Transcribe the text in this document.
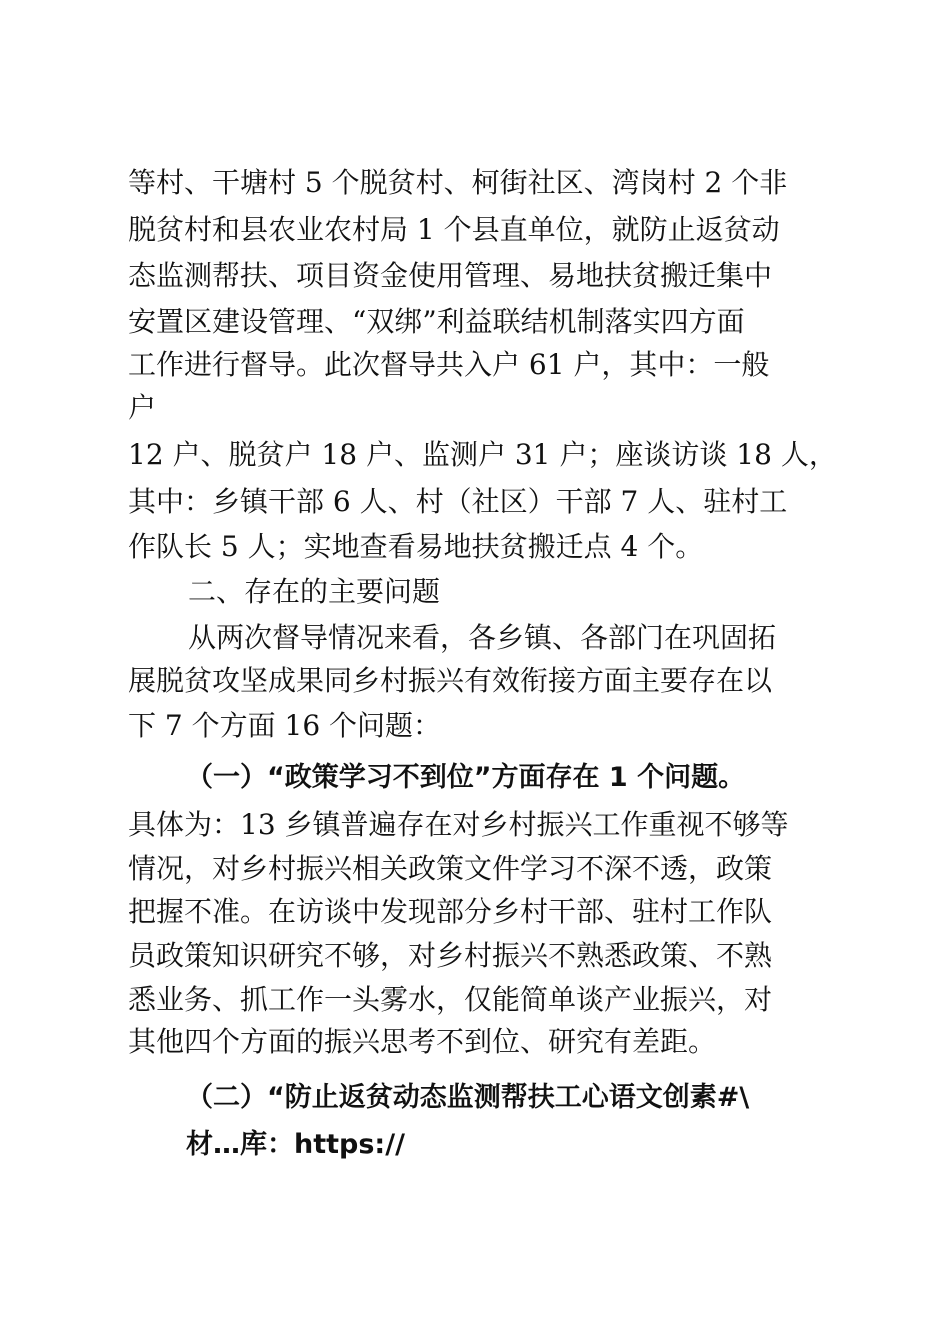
等村、干塘村 5 个脱贫村、柯街社区、湾岗村 2 个非

脱贫村和县农业农村局 1 个县直单位，就防止返贫动

态监测帮扶、项目资金使用管理、易地扶贫搬迁集中

安置区建设管理、“双绑”利益联结机制落实四方面

工作进行督导。此次督导共入户 61 户，其中：一般

户

12 户、脱贫户 18 户、监测户 31 户；座谈访谈 18 人，

其中：乡镇干部 6 人、村（社区）干部 7 人、驻村工

作队长 5 人；实地查看易地扶贫搬迁点 4 个。

二、存在的主要问题

从两次督导情况来看，各乡镇、各部门在巩固拓

展脱贫攻坚成果同乡村振兴有效衔接方面主要存在以

下 7 个方面 16 个问题：

（一）“政策学习不到位”方面存在 1 个问题。

具体为：13 乡镇普遍存在对乡村振兴工作重视不够等

情况，对乡村振兴相关政策文件学习不深不透，政策

把握不准。在访谈中发现部分乡村干部、驻村工作队

员政策知识研究不够，对乡村振兴不熟悉政策、不熟

悉业务、抓工作一头雾水，仅能简单谈产业振兴，对

其他四个方面的振兴思考不到位、研究有差距。

（二）“防止返贫动态监测帮扶工心语文创素#\

材…库：https://
